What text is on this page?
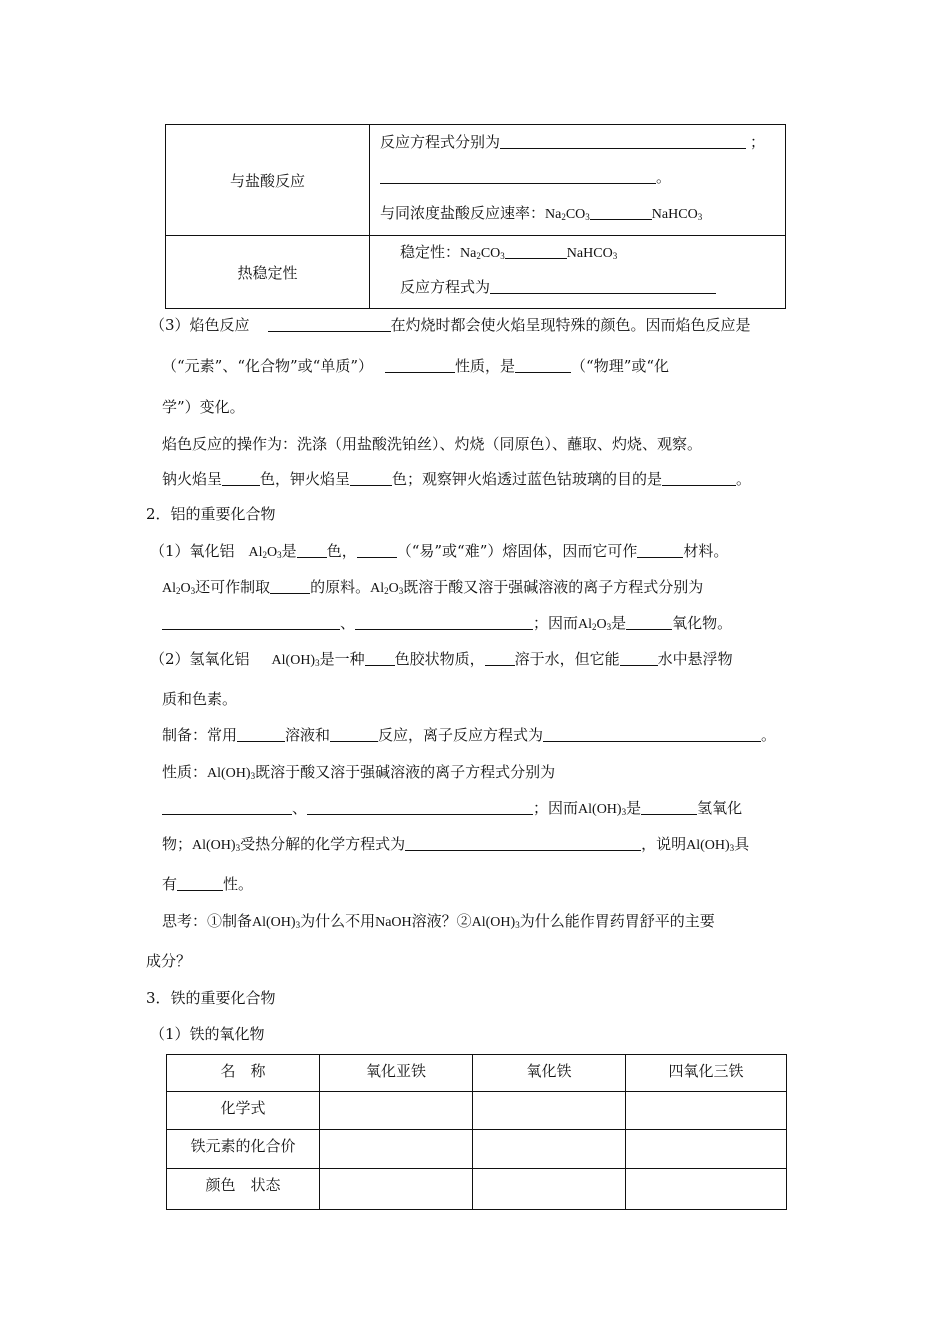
与盐酸反应	反应方程式分别为 ；
。
与同浓度盐酸反应速率：$Na_2CO_3$ NaHCO$_3$

热稳定性	稳定性：$Na_2CO_3$ NaHCO$_3$
反应方程式为
（3）焰色反应	在灼烧时都会使火焰呈现特殊的颜色。因而焰色反应是
（“元素”、“化合物”或“单质”）	性质，是	（“物理”或“化
学”）变化。
焰色反应的操作为：洗涤（用盐酸洗铂丝）、灼烧（同原色）、蘸取、灼烧、观察。
钠火焰呈	色，钾火焰呈	色；观察钾火焰透过蓝色钴玻璃的目的是	。
2．铝的重要化合物
（1）氧化铝 $Al_2O_3$是 色，	（“易”或“难”）熔固体，因而它可作	材料。
$Al_2O_3$还可作制取	的原料。$Al_2O_3$既溶于酸又溶于强碱溶液的离子方程式分别为
、	；因而$Al_2O_3$是	氧化物。
（2）氢氧化铝 $Al(OH)_3$是一种 色胶状物质， 溶于水，但它能	水中悬浮物
质和色素。
制备：常用	溶液和	反应，离子反应方程式为	。
性质：$Al(OH)_3$既溶于酸又溶于强碱溶液的离子方程式分别为
、	；因而$Al(OH)_3$是	氢氧化
物；$Al(OH)_3$受热分解的化学方程式为	，说明$Al(OH)_3$具
有	性。
思考：①制备$Al(OH)_3$为什么不用NaOH溶液？$②Al(OH)_3$为什么能作胃药胃舒平的主要
成分？
3．铁的重要化合物
（1）铁的氧化物
名　称	氧化亚铁	氧化铁	四氧化三铁

化学式			

铁元素的化合价			

颜色　状态			
